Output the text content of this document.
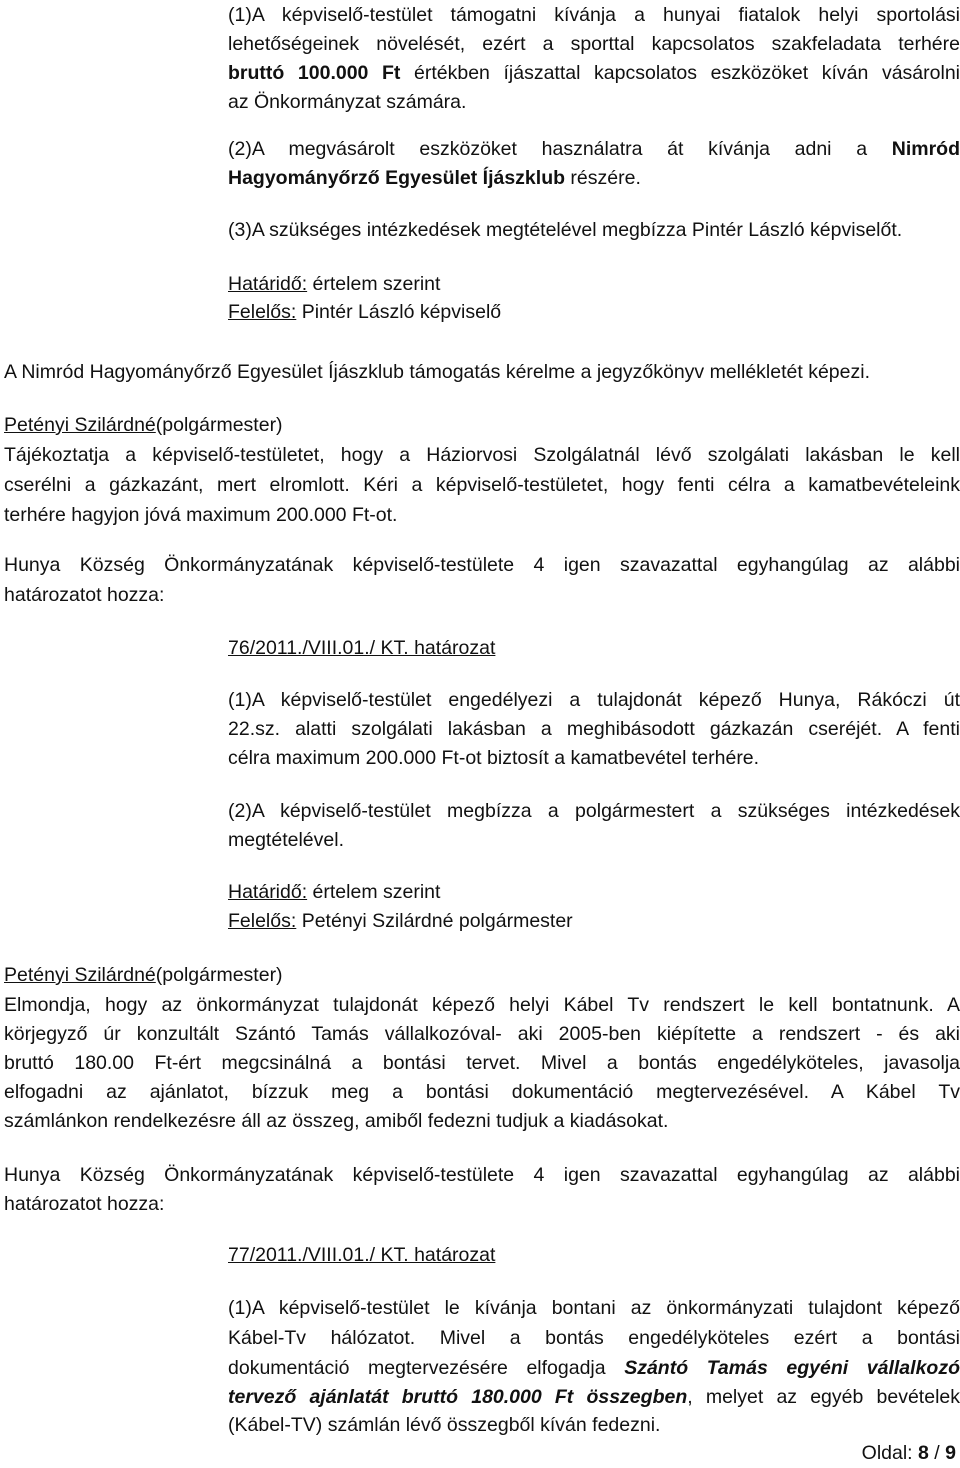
(1)A képviselő-testület támogatni kívánja a hunyai fiatalok helyi sportolási
lehetőségeinek növelését, ezért a sporttal kapcsolatos szakfeladata terhére
bruttó 100.000 Ft értékben íjászattal kapcsolatos eszközöket kíván vásárolni
az Önkormányzat számára.
(2)A megvásárolt eszközöket használatra át kívánja adni a Nimród
Hagyományőrző Egyesület Íjászklub részére.
(3)A szükséges intézkedések megtételével megbízza Pintér László képviselőt.
Határidő: értelem szerint
Felelős: Pintér László képviselő
A Nimród Hagyományőrző Egyesület Íjászklub támogatás kérelme a jegyzőkönyv mellékletét képezi.
Petényi Szilárdné(polgármester)
Tájékoztatja a képviselő-testületet, hogy a Háziorvosi Szolgálatnál lévő szolgálati lakásban le kell
cserélni a gázkazánt, mert elromlott. Kéri a képviselő-testületet, hogy fenti célra a kamatbevételeink
terhére hagyjon jóvá maximum 200.000 Ft-ot.
Hunya Község Önkormányzatának képviselő-testülete 4 igen szavazattal egyhangúlag az alábbi
határozatot hozza:
76/2011./VIII.01./ KT. határozat
(1)A képviselő-testület engedélyezi a tulajdonát képező Hunya, Rákóczi út
22.sz. alatti szolgálati lakásban a meghibásodott gázkazán cseréjét. A fenti
célra maximum 200.000 Ft-ot biztosít a kamatbevétel terhére.
(2)A képviselő-testület megbízza a polgármestert a szükséges intézkedések
megtételével.
Határidő: értelem szerint
Felelős: Petényi Szilárdné polgármester
Petényi Szilárdné(polgármester)
Elmondja, hogy az önkormányzat tulajdonát képező helyi Kábel Tv rendszert le kell bontatnunk. A
körjegyző úr konzultált Szántó Tamás vállalkozóval- aki 2005-ben kiépítette a rendszert - és aki
bruttó 180.00 Ft-ért megcsinálná a bontási tervet. Mivel a bontás engedélyköteles, javasolja
elfogadni az ajánlatot, bízzuk meg a bontási dokumentáció megtervezésével. A Kábel Tv
számlánkon rendelkezésre áll az összeg, amiből fedezni tudjuk a kiadásokat.
Hunya Község Önkormányzatának képviselő-testülete 4 igen szavazattal egyhangúlag az alábbi
határozatot hozza:
77/2011./VIII.01./ KT. határozat
(1)A képviselő-testület le kívánja bontani az önkormányzati tulajdont képező
Kábel-Tv hálózatot. Mivel a bontás engedélyköteles ezért a bontási
dokumentáció megtervezésére elfogadja Szántó Tamás egyéni vállalkozó
tervező ajánlatát bruttó 180.000 Ft összegben, melyet az egyéb bevételek
(Kábel-TV) számlán lévő összegből kíván fedezni.
Oldal: 8 / 9
